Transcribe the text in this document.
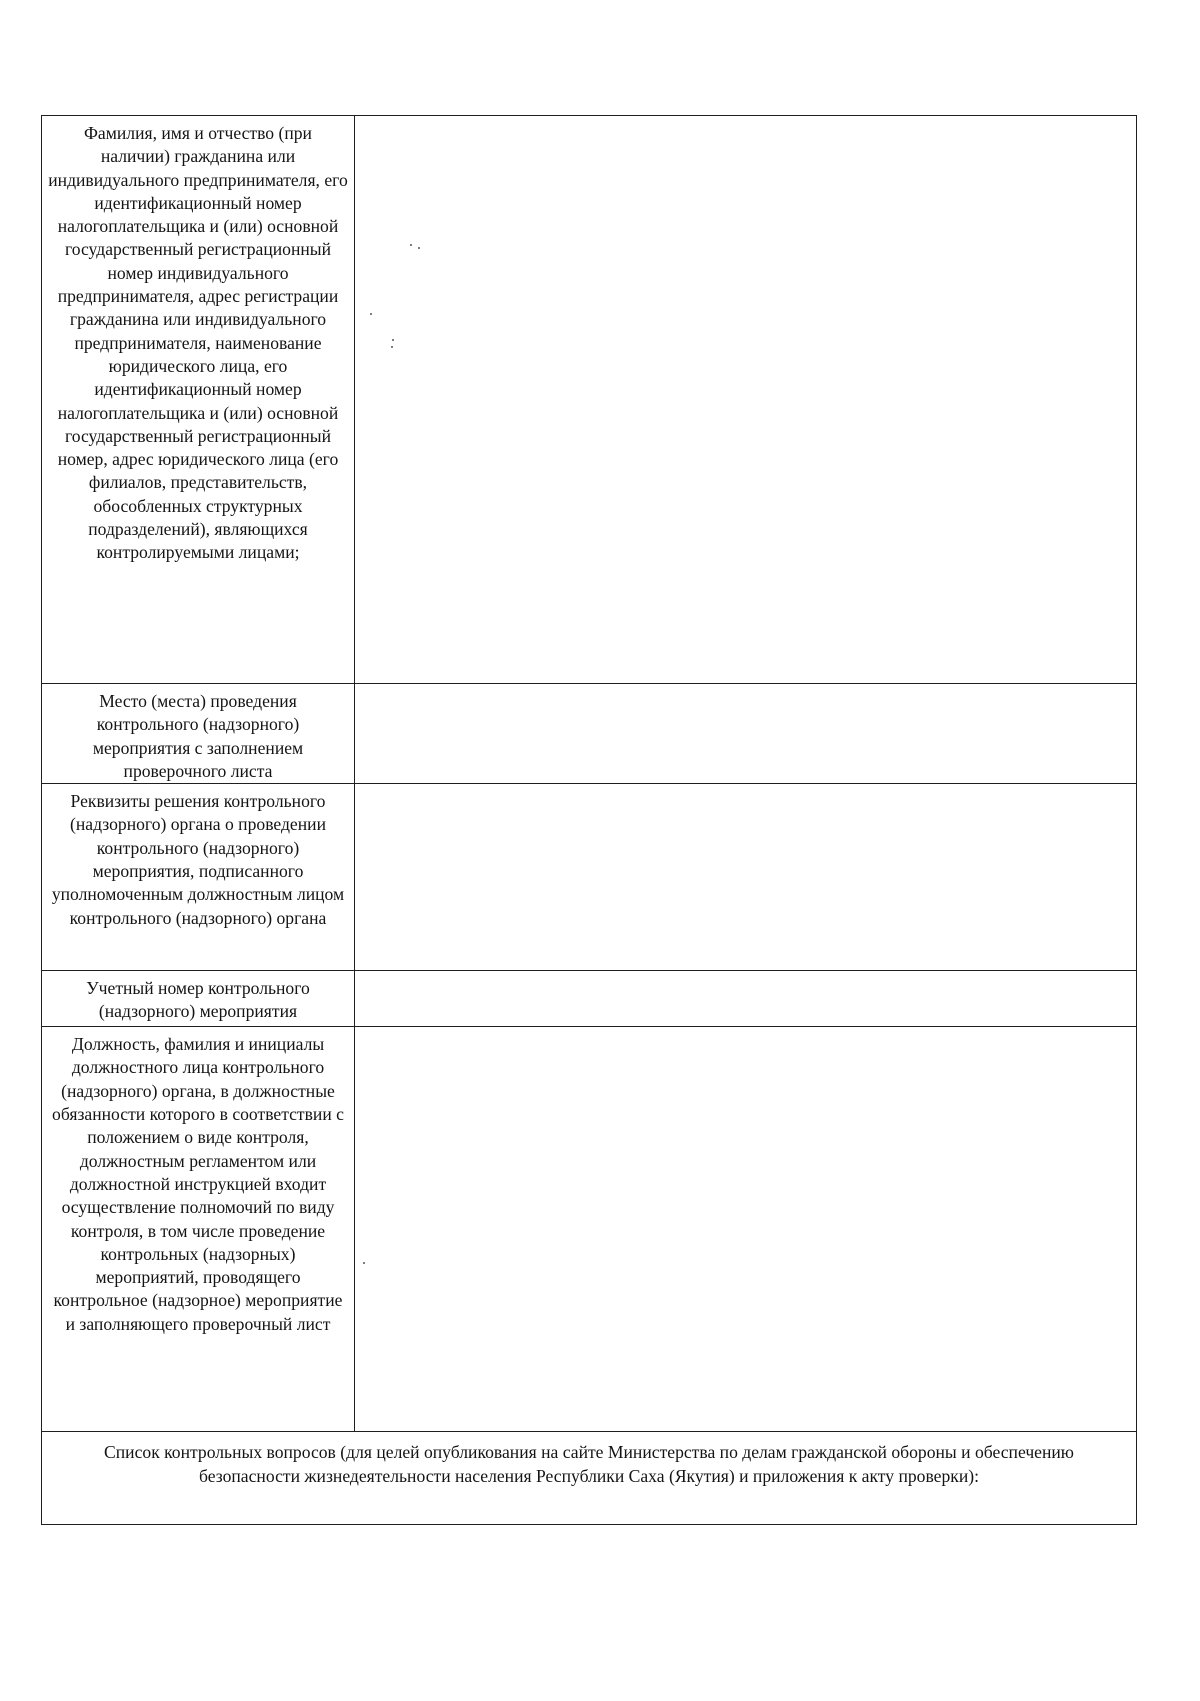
Фамилия, имя и отчество (при наличии) гражданина или индивидуального предпринимателя, его идентификационный номер налогоплательщика и (или) основной государственный регистрационный номер индивидуального предпринимателя, адрес регистрации гражданина или индивидуального предпринимателя, наименование юридического лица, его идентификационный номер налогоплательщика и (или) основной государственный регистрационный номер, адрес юридического лица (его филиалов, представительств, обособленных структурных подразделений), являющихся контролируемыми лицами;	
Место (места) проведения контрольного (надзорного) мероприятия с заполнением проверочного листа	
Реквизиты решения контрольного (надзорного) органа о проведении контрольного (надзорного) мероприятия, подписанного уполномоченным должностным лицом контрольного (надзорного) органа	
Учетный номер контрольного (надзорного) мероприятия	
Должность, фамилия и инициалы должностного лица контрольного (надзорного) органа, в должностные обязанности которого в соответствии с положением о виде контроля, должностным регламентом или должностной инструкцией входит осуществление полномочий по виду контроля, в том числе проведение контрольных (надзорных) мероприятий, проводящего контрольное (надзорное) мероприятие и заполняющего проверочный лист	
Список контрольных вопросов (для целей опубликования на сайте Министерства по делам гражданской обороны и обеспечению безопасности жизнедеятельности населения Республики Саха (Якутия) и приложения к акту проверки):	
